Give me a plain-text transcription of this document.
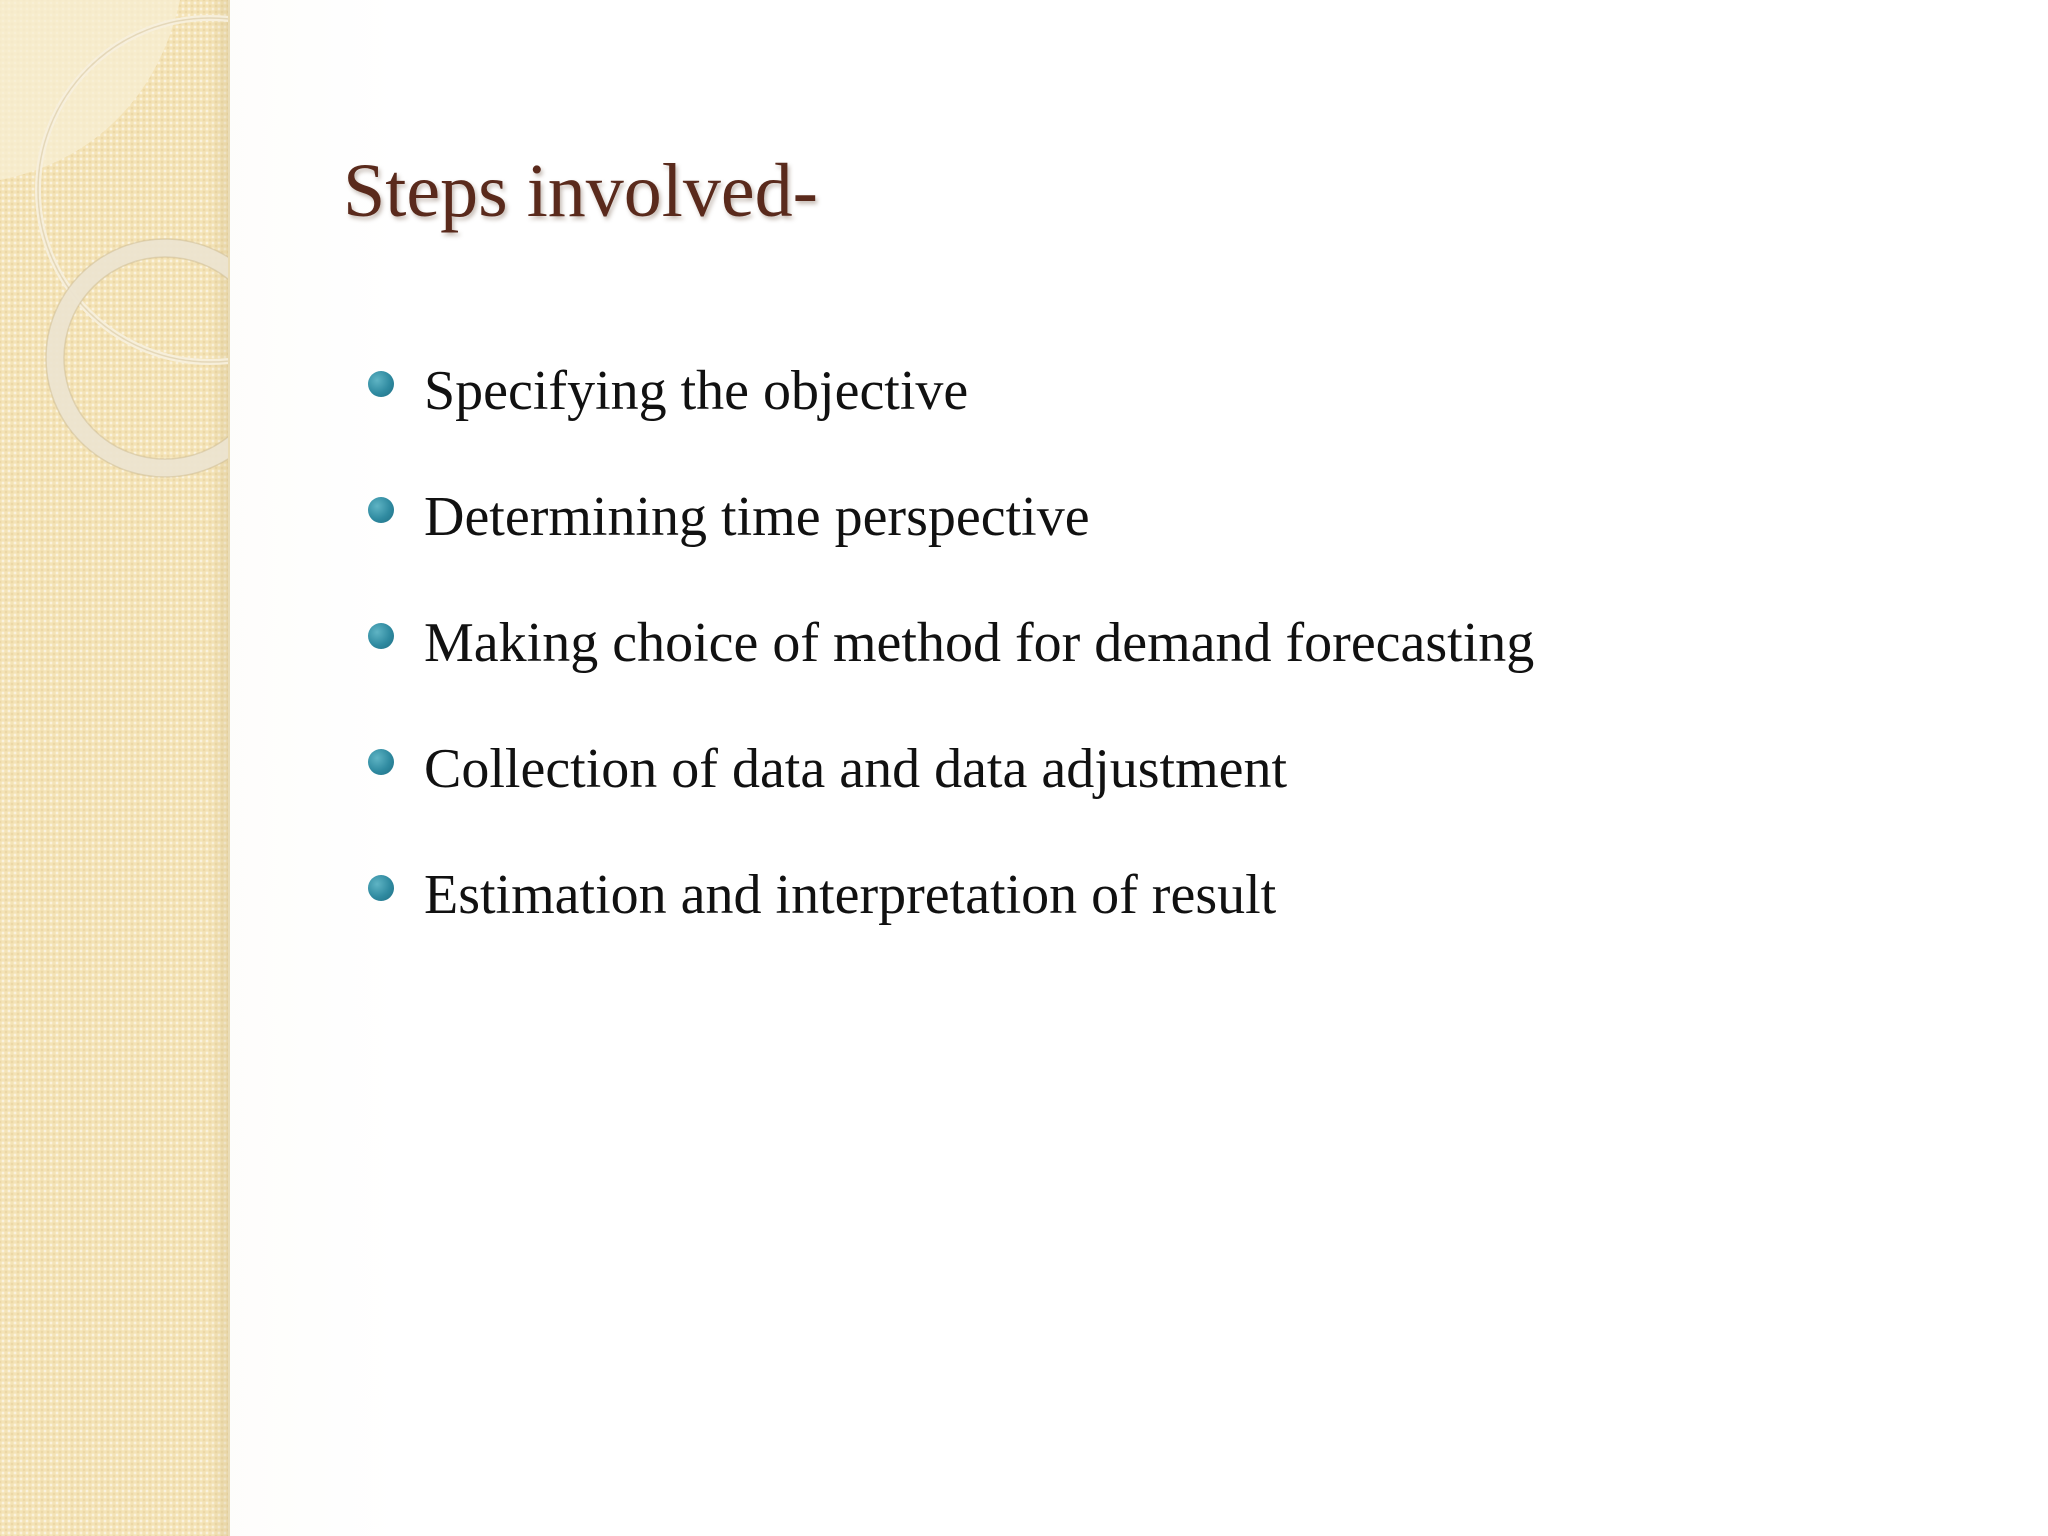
Steps involved-
Specifying the objective
Determining time perspective
Making choice of method for demand forecasting
Collection of data and data adjustment
Estimation and interpretation of result
